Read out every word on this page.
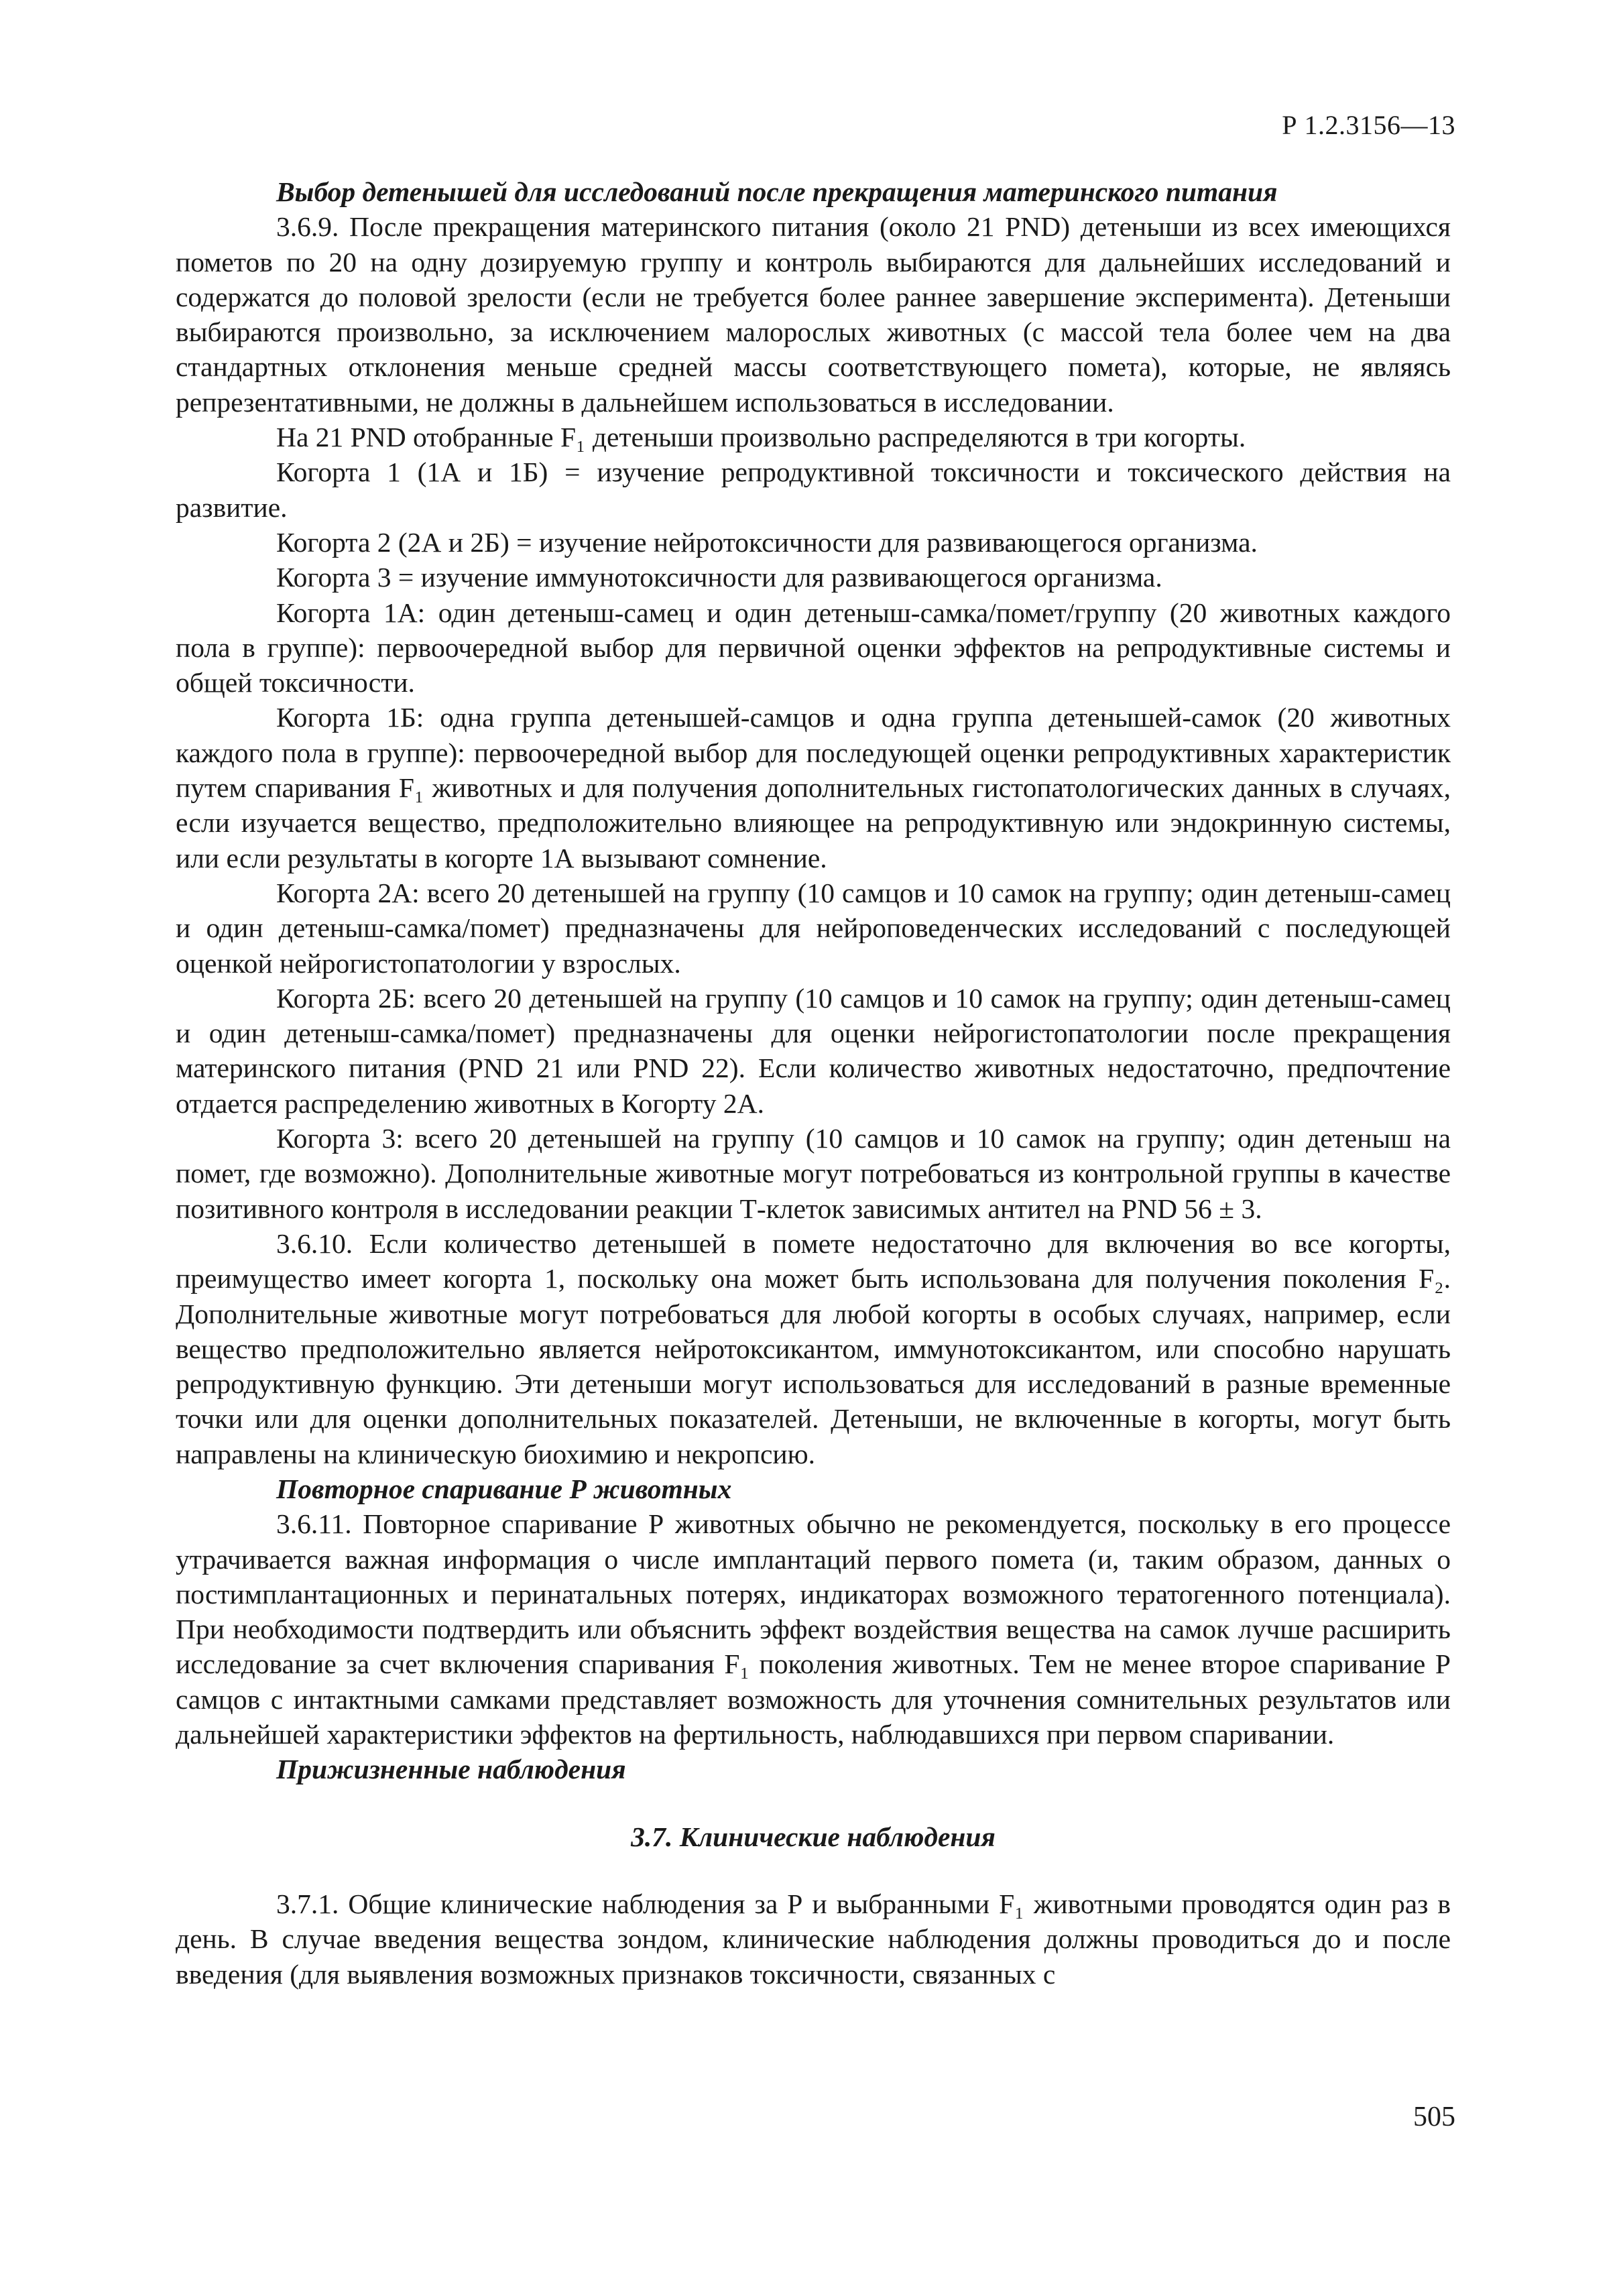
Р 1.2.3156—13

Выбор детенышей для исследований после прекращения материнского питания

3.6.9. После прекращения материнского питания (около 21 PND) детеныши из всех имеющихся пометов по 20 на одну дозируемую группу и контроль выбираются для дальнейших исследований и содержатся до половой зрелости (если не требуется более раннее завершение эксперимента). Детеныши выбираются произвольно, за исключением малорослых животных (с массой тела более чем на два стандартных отклонения меньше средней массы соответствующего помета), которые, не являясь репрезентативными, не должны в дальнейшем использоваться в исследовании.

На 21 PND отобранные F₁ детеныши произвольно распределяются в три когорты.

Когорта 1 (1А и 1Б) = изучение репродуктивной токсичности и токсического действия на развитие.

Когорта 2 (2А и 2Б) = изучение нейротоксичности для развивающегося организма.

Когорта 3 = изучение иммунотоксичности для развивающегося организма.

Когорта 1А: один детеныш-самец и один детеныш-самка/помет/группу (20 животных каждого пола в группе): первоочередной выбор для первичной оценки эффектов на репродуктивные системы и общей токсичности.

Когорта 1Б: одна группа детенышей-самцов и одна группа детенышей-самок (20 животных каждого пола в группе): первоочередной выбор для последующей оценки репродуктивных характеристик путем спаривания F₁ животных и для получения дополнительных гистопатологических данных в случаях, если изучается вещество, предположительно влияющее на репродуктивную или эндокринную системы, или если результаты в когорте 1А вызывают сомнение.

Когорта 2А: всего 20 детенышей на группу (10 самцов и 10 самок на группу; один детеныш-самец и один детеныш-самка/помет) предназначены для нейроповеденческих исследований с последующей оценкой нейрогистопатологии у взрослых.

Когорта 2Б: всего 20 детенышей на группу (10 самцов и 10 самок на группу; один детеныш-самец и один детеныш-самка/помет) предназначены для оценки нейрогистопатологии после прекращения материнского питания (PND 21 или PND 22). Если количество животных недостаточно, предпочтение отдается распределению животных в Когорту 2А.

Когорта 3: всего 20 детенышей на группу (10 самцов и 10 самок на группу; один детеныш на помет, где возможно). Дополнительные животные могут потребоваться из контрольной группы в качестве позитивного контроля в исследовании реакции Т-клеток зависимых антител на PND 56 ± 3.

3.6.10. Если количество детенышей в помете недостаточно для включения во все когорты, преимущество имеет когорта 1, поскольку она может быть использована для получения поколения F₂. Дополнительные животные могут потребоваться для любой когорты в особых случаях, например, если вещество предположительно является нейротоксикантом, иммунотоксикантом, или способно нарушать репродуктивную функцию. Эти детеныши могут использоваться для исследований в разные временные точки или для оценки дополнительных показателей. Детеныши, не включенные в когорты, могут быть направлены на клиническую биохимию и некропсию.

Повторное спаривание Р животных

3.6.11. Повторное спаривание Р животных обычно не рекомендуется, поскольку в его процессе утрачивается важная информация о числе имплантаций первого помета (и, таким образом, данных о постимплантационных и перинатальных потерях, индикаторах возможного тератогенного потенциала). При необходимости подтвердить или объяснить эффект воздействия вещества на самок лучше расширить исследование за счет включения спаривания F₁ поколения животных. Тем не менее второе спаривание Р самцов с интактными самками представляет возможность для уточнения сомнительных результатов или дальнейшей характеристики эффектов на фертильность, наблюдавшихся при первом спаривании.

Прижизненные наблюдения

3.7. Клинические наблюдения

3.7.1. Общие клинические наблюдения за Р и выбранными F₁ животными проводятся один раз в день. В случае введения вещества зондом, клинические наблюдения должны проводиться до и после введения (для выявления возможных признаков токсичности, связанных с

505
